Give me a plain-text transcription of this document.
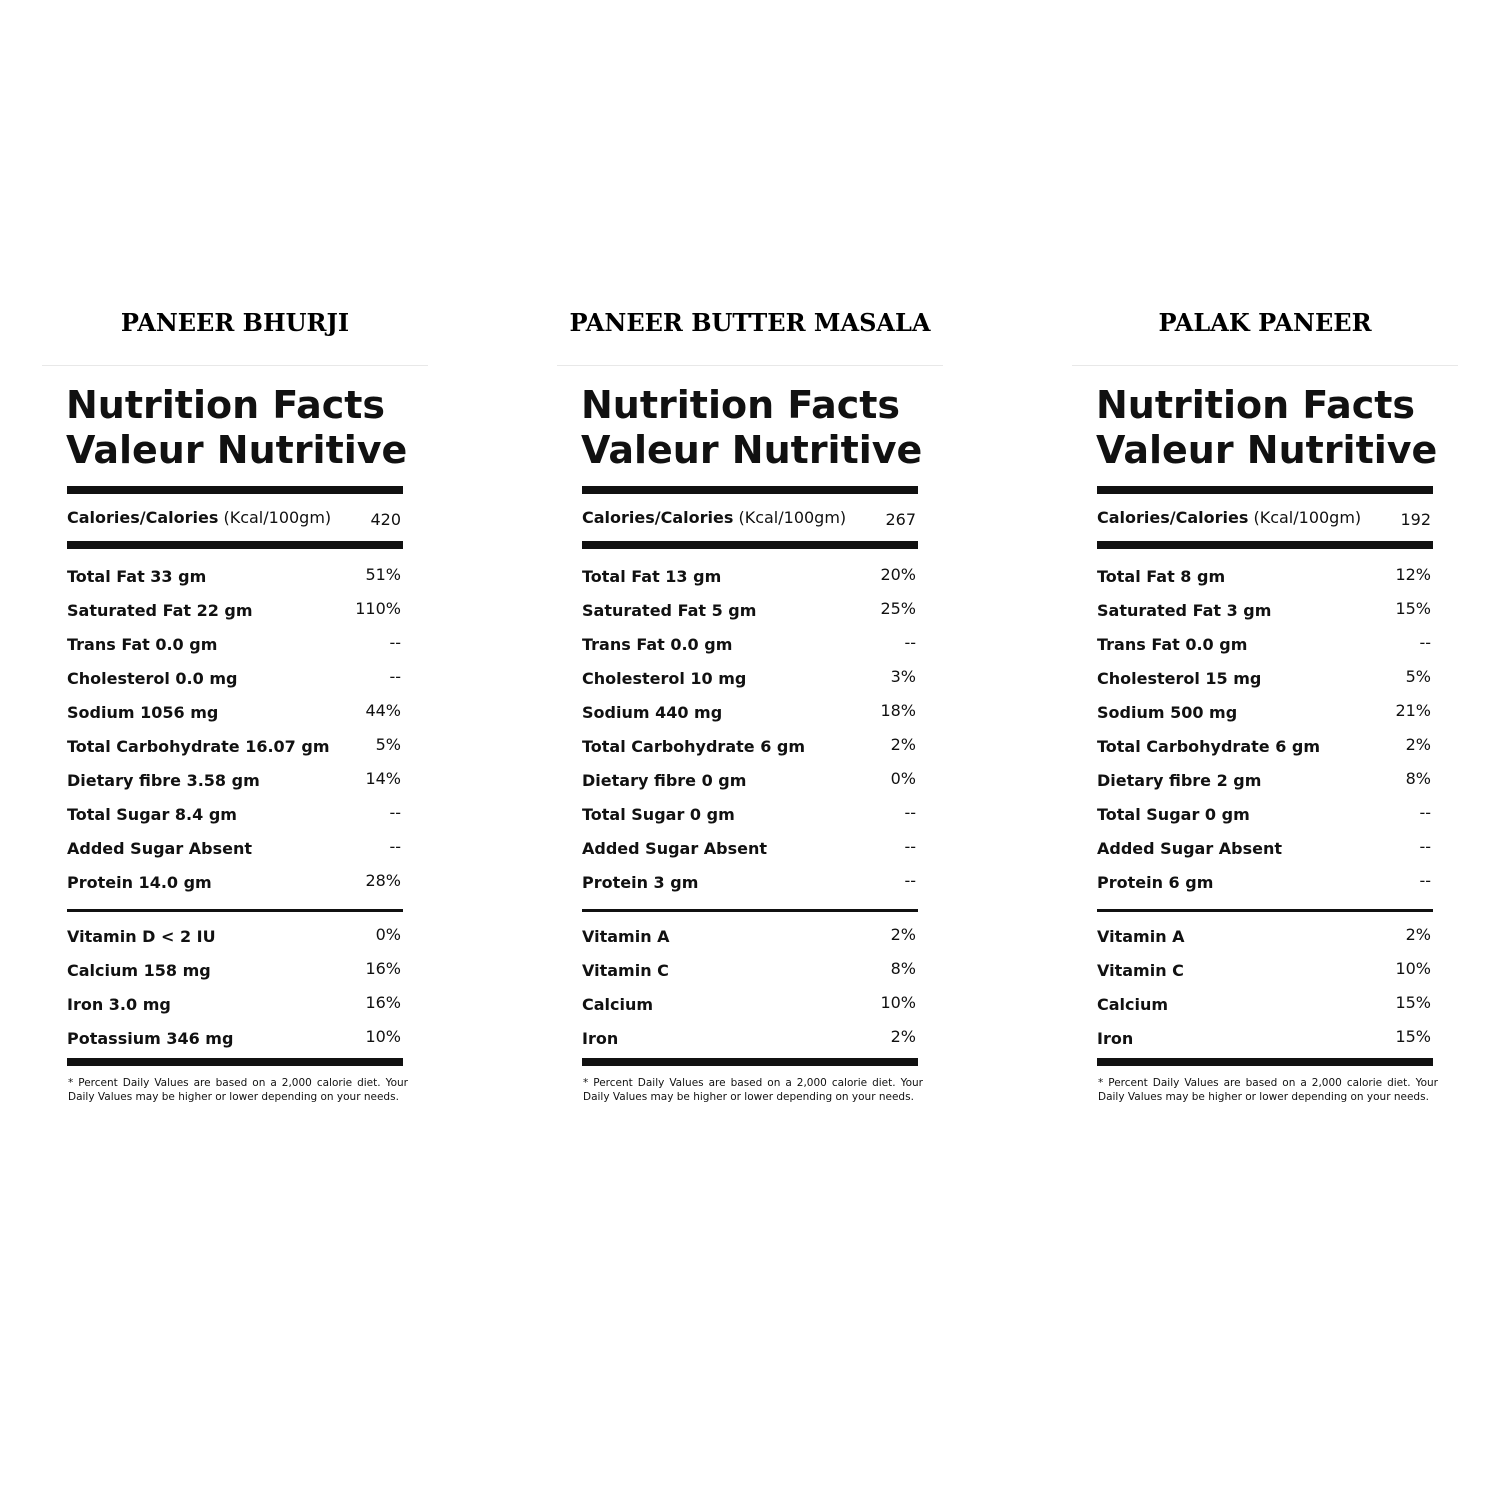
PANEER BHURJI
Nutrition Facts
Valeur Nutritive
Calories/Calories (Kcal/100gm) 420
Total Fat 33 gm	51%
Saturated Fat 22 gm	110%
Trans Fat 0.0 gm	--
Cholesterol 0.0 mg	--
Sodium 1056 mg	44%
Total Carbohydrate 16.07 gm	5%
Dietary fibre 3.58 gm	14%
Total Sugar 8.4 gm	--
Added Sugar Absent	--
Protein 14.0 gm	28%
Vitamin D < 2 IU	0%
Calcium 158 mg	16%
Iron 3.0 mg	16%
Potassium 346 mg	10%
* Percent Daily Values are based on a 2,000 calorie diet. Your Daily Values may be higher or lower depending on your needs.
PANEER BUTTER MASALA
Nutrition Facts
Valeur Nutritive
Calories/Calories (Kcal/100gm) 267
Total Fat 13 gm	20%
Saturated Fat 5 gm	25%
Trans Fat 0.0 gm	--
Cholesterol 10 mg	3%
Sodium 440 mg	18%
Total Carbohydrate 6 gm	2%
Dietary fibre 0 gm	0%
Total Sugar 0 gm	--
Added Sugar Absent	--
Protein 3 gm	--
Vitamin A	2%
Vitamin C	8%
Calcium	10%
Iron	2%
* Percent Daily Values are based on a 2,000 calorie diet. Your Daily Values may be higher or lower depending on your needs.
PALAK PANEER
Nutrition Facts
Valeur Nutritive
Calories/Calories (Kcal/100gm) 192
Total Fat 8 gm	12%
Saturated Fat 3 gm	15%
Trans Fat 0.0 gm	--
Cholesterol 15 mg	5%
Sodium 500 mg	21%
Total Carbohydrate 6 gm	2%
Dietary fibre 2 gm	8%
Total Sugar 0 gm	--
Added Sugar Absent	--
Protein 6 gm	--
Vitamin A	2%
Vitamin C	10%
Calcium	15%
Iron	15%
* Percent Daily Values are based on a 2,000 calorie diet. Your Daily Values may be higher or lower depending on your needs.
